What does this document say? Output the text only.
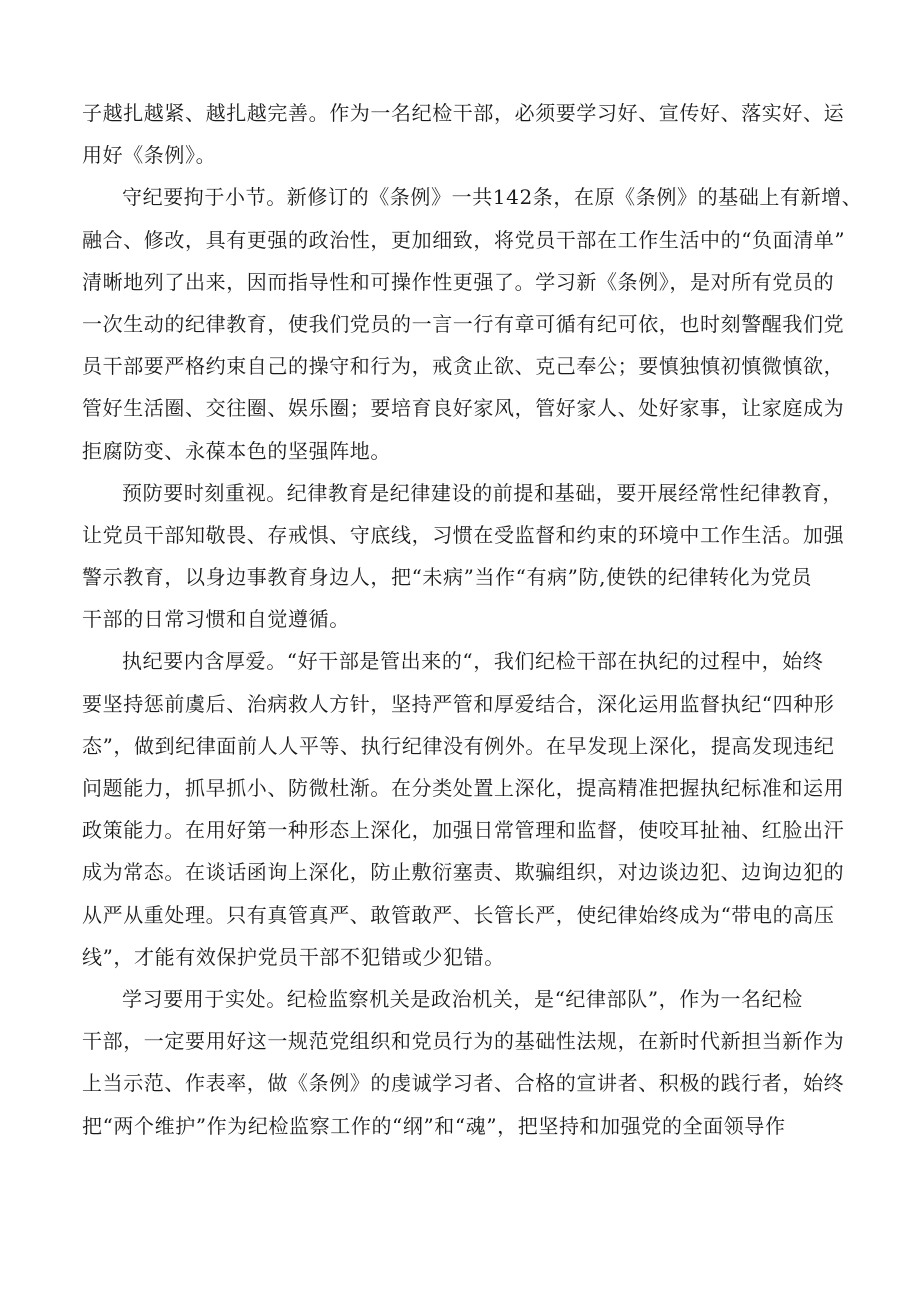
子越扎越紧、越扎越完善。作为一名纪检干部，必须要学习好、宣传好、落实好、运
用好《条例》。
守纪要拘于小节。新修订的《条例》一共142条，在原《条例》的基础上有新增、
融合、修改，具有更强的政治性，更加细致，将党员干部在工作生活中的“负面清单”
清晰地列了出来，因而指导性和可操作性更强了。学习新《条例》，是对所有党员的
一次生动的纪律教育，使我们党员的一言一行有章可循有纪可依，也时刻警醒我们党
员干部要严格约束自己的操守和行为，戒贪止欲、克己奉公；要慎独慎初慎微慎欲，
管好生活圈、交往圈、娱乐圈；要培育良好家风，管好家人、处好家事，让家庭成为
拒腐防变、永葆本色的坚强阵地。
预防要时刻重视。纪律教育是纪律建设的前提和基础，要开展经常性纪律教育，
让党员干部知敬畏、存戒惧、守底线，习惯在受监督和约束的环境中工作生活。加强
警示教育，以身边事教育身边人，把“未病”当作“有病”防,使铁的纪律转化为党员
干部的日常习惯和自觉遵循。
执纪要内含厚爱。“好干部是管出来的“，我们纪检干部在执纪的过程中，始终
要坚持惩前虞后、治病救人方针，坚持严管和厚爱结合，深化运用监督执纪“四种形
态”，做到纪律面前人人平等、执行纪律没有例外。在早发现上深化，提高发现违纪
问题能力，抓早抓小、防微杜渐。在分类处置上深化，提高精准把握执纪标准和运用
政策能力。在用好第一种形态上深化，加强日常管理和监督，使咬耳扯袖、红脸出汗
成为常态。在谈话函询上深化，防止敷衍塞责、欺骗组织，对边谈边犯、边询边犯的
从严从重处理。只有真管真严、敢管敢严、长管长严，使纪律始终成为“带电的高压
线”，才能有效保护党员干部不犯错或少犯错。
学习要用于实处。纪检监察机关是政治机关，是“纪律部队”，作为一名纪检
干部，一定要用好这一规范党组织和党员行为的基础性法规，在新时代新担当新作为
上当示范、作表率，做《条例》的虔诚学习者、合格的宣讲者、积极的践行者，始终
把“两个维护”作为纪检监察工作的“纲”和“魂”，把坚持和加强党的全面领导作
